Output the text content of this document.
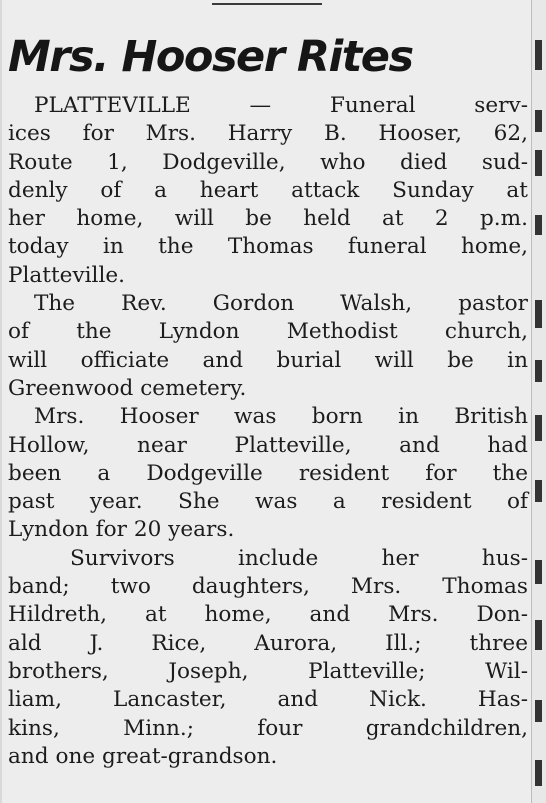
Mrs. Hooser Rites
PLATTEVILLE — Funeral serv-
ices for Mrs. Harry B. Hooser, 62,
Route 1, Dodgeville, who died sud-
denly of a heart attack Sunday at
her home, will be held at 2 p.m.
today in the Thomas funeral home,
Platteville.
The Rev. Gordon Walsh, pastor
of the Lyndon Methodist church,
will officiate and burial will be in
Greenwood cemetery.
Mrs. Hooser was born in British
Hollow, near Platteville, and had
been a Dodgeville resident for the
past year. She was a resident of
Lyndon for 20 years.
Survivors include her hus-
band; two daughters, Mrs. Thomas
Hildreth, at home, and Mrs. Don-
ald J. Rice, Aurora, Ill.; three
brothers, Joseph, Platteville; Wil-
liam, Lancaster, and Nick. Has-
kins, Minn.; four grandchildren,
and one great-grandson.
